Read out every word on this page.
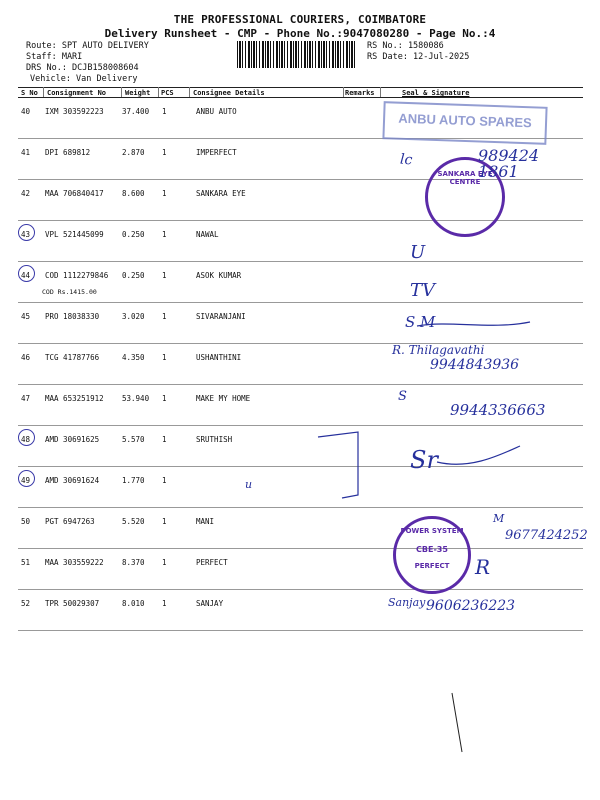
THE PROFESSIONAL COURIERS, COIMBATORE
Delivery Runsheet - CMP - Phone No.:9047080280 - Page No.:4
Route: SPT AUTO DELIVERY
Staff: MARI
DRS No.: DCJB158008604
Vehicle: Van Delivery
RS No.: 1580086
RS Date: 12-Jul-2025
S No Consignment No	Weight PCS	Consignee Details	Remarks	Seal & Signature
40 IXM 303592223 37.400 1	ANBU AUTO
41 DPI 689812	2.870 1	IMPERFECT
42 MAA 706840417 8.600 1	SANKARA EYE
43 VPL 521445099 0.250 1	NAWAL
44 COD 1112279846 0.250 1	ASOK KUMAR
COD Rs.1415.00
45 PRO 18038330	3.020 1	SIVARANJANI
46 TCG 41787766	4.350 1	USHANTHINI
47 MAA 653251912 53.940 1	MAKE MY HOME
48 AMD 30691625	5.570 1	SRUTHISH
49 AMD 30691624	1.770 1
50 PGT 6947263	5.520 1	MANI
51 MAA 303559222 8.370 1	PERFECT
52 TPR 50029307	8.010 1	SANJAY
ANBU AUTO SPARES
SANKARA EYE CENTRE
POWER SYSTEM
CBE-35
PERFECT
lc	989424 1861
U
TV
S M
R. Thilagavathi
9944843936
S
9944336663
Sr
u
M
9677424252
R
Sanjay 9606236223
